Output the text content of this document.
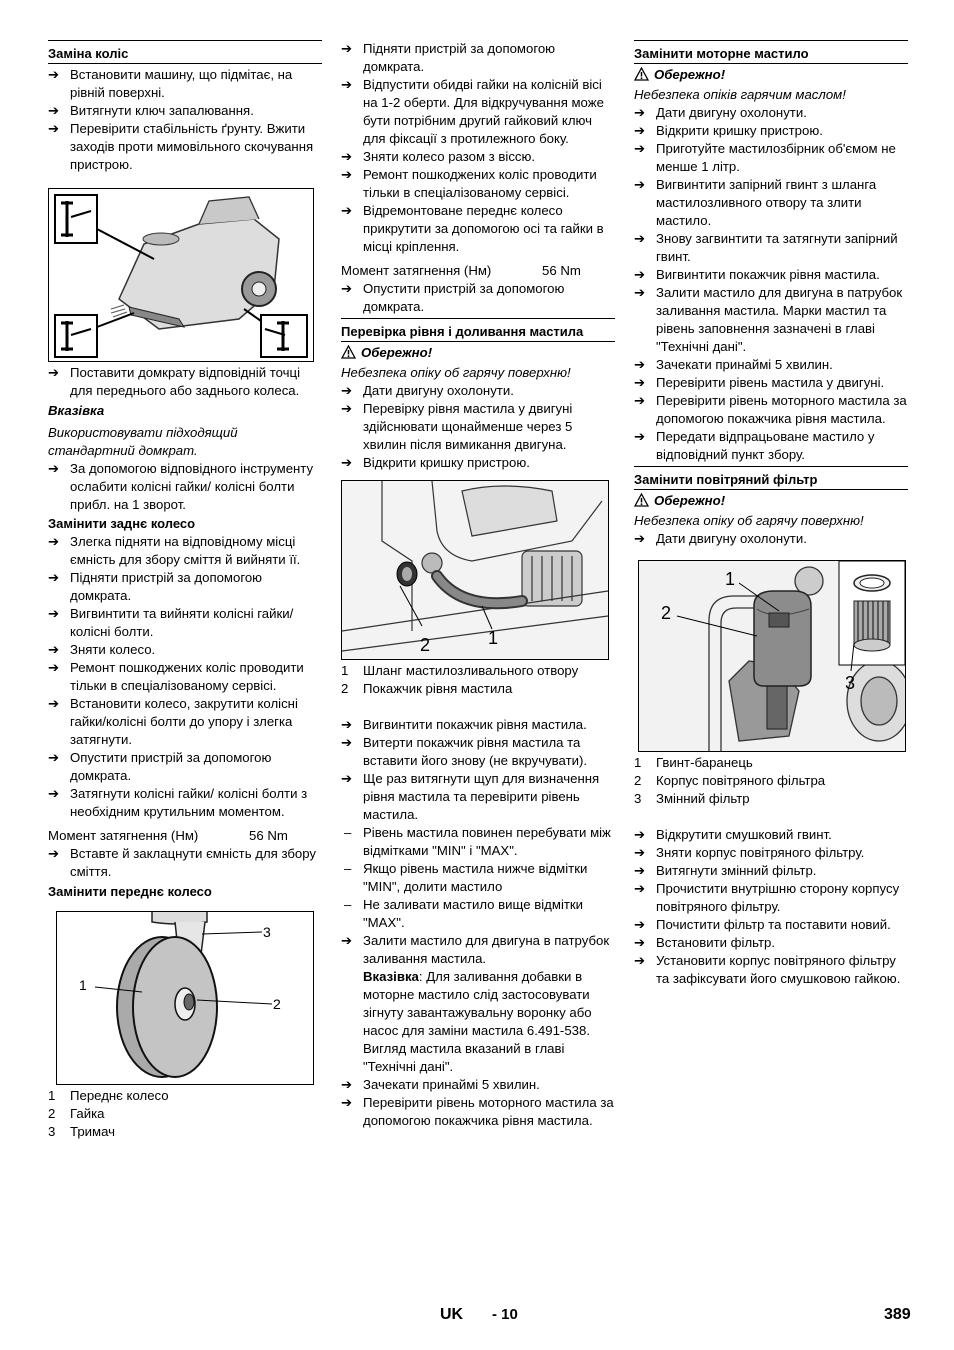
Заміна коліс
➔ Встановити машину, що підмітає, на рівній поверхні.
➔ Витягнути ключ запалювання.
➔ Перевірити стабільність ґрунту. Вжити заходів проти мимовільного скочування пристрою.
➔ Поставити домкрату відповідній точці для переднього або заднього колеса.
Вказівка
Використовувати підходящий стандартний домкрат.
➔ За допомогою відповідного інструменту ослабити колісні гайки/ колісні болти прибл. на 1 зворот.
Замінити заднє колесо
➔ Злегка підняти на відповідному місці ємність для збору сміття й вийняти її.
➔ Підняти пристрій за допомогою домкрата.
➔ Вигвинтити та вийняти колісні гайки/ колісні болти.
➔ Зняти колесо.
➔ Ремонт пошкоджених коліс проводити тільки в спеціалізованому сервісі.
➔ Встановити колесо, закрутити колісні гайки/колісні болти до упору і злегка затягнути.
➔ Опустити пристрій за допомогою домкрата.
➔ Затягнути колісні гайки/ колісні болти з необхідним крутильним моментом.
Момент затягнення (Нм)	56 Nm
➔ Вставте й заклацнути ємність для збору сміття.
Замінити переднє колесо
1
2
3
1	Переднє колесо
2	Гайка
3	Тримач
➔ Підняти пристрій за допомогою домкрата.
➔ Відпустити обидві гайки на колісній вісі на 1-2 оберти. Для відкручування може бути потрібним другий гайковий ключ для фіксації з протилежного боку.
➔ Зняти колесо разом з віссю.
➔ Ремонт пошкоджених коліс проводити тільки в спеціалізованому сервісі.
➔ Відремонтоване переднє колесо прикрутити за допомогою осі та гайки в місці кріплення.
Момент затягнення (Нм)	56 Nm
➔ Опустити пристрій за допомогою домкрата.
Перевірка рівня і доливання мастила
Обережно!
Небезпека опіку об гарячу поверхню!
➔ Дати двигуну охолонути.
➔ Перевірку рівня мастила у двигуні здійснювати щонайменше через 5 хвилин після вимикання двигуна.
➔ Відкрити кришку пристрою.
2	1
1	Шланг мастилозливального отвору
2	Покажчик рівня мастила
➔ Вигвинтити покажчик рівня мастила.
➔ Витерти покажчик рівня мастила та вставити його знову (не вкручувати).
➔ Ще раз витягнути щуп для визначення рівня мастила та перевірити рівень мастила.
– Рівень мастила повинен перебувати між відмітками "MIN" і "MAX".
– Якщо рівень мастила нижче відмітки "MIN", долити мастило
– Не заливати мастило вище відмітки "MAX".
➔ Залити мастило для двигуна в патрубок заливання мастила.
Вказівка: Для заливання добавки в моторне мастило слід застосовувати зігнуту завантажувальну воронку або насос для заміни мастила 6.491-538. Вигляд мастила вказаний в главі "Технічні дані".
➔ Зачекати принаймі 5 хвилин.
➔ Перевірити рівень моторного мастила за допомогою покажчика рівня мастила.
Замінити моторне мастило
Обережно!
Небезпека опіків гарячим маслом!
➔ Дати двигуну охолонути.
➔ Відкрити кришку пристрою.
➔ Приготуйте мастилозбірник об'ємом не менше 1 літр.
➔ Вигвинтити запірний гвинт з шланга мастилозливного отвору та злити мастило.
➔ Знову загвинтити та затягнути запірний гвинт.
➔ Вигвинтити покажчик рівня мастила.
➔ Залити мастило для двигуна в патрубок заливання мастила. Марки мастил та рівень заповнення зазначені в главі "Технічні дані".
➔ Зачекати принаймі 5 хвилин.
➔ Перевірити рівень мастила у двигуні.
➔ Перевірити рівень моторного мастила за допомогою покажчика рівня мастила.
➔ Передати відпрацьоване мастило у відповідний пункт збору.
Замінити повітряний фільтр
Обережно!
Небезпека опіку об гарячу поверхню!
➔ Дати двигуну охолонути.
1
2
3
1	Гвинт-баранець
2	Корпус повітряного фільтра
3	Змінний фільтр
➔ Відкрутити смушковий гвинт.
➔ Зняти корпус повітряного фільтру.
➔ Витягнути змінний фільтр.
➔ Прочистити внутрішню сторону корпусу повітряного фільтру.
➔ Почистити фільтр та поставити новий.
➔ Встановити фільтр.
➔ Установити корпус повітряного фільтру та зафіксувати його смушковою гайкою.
UK - 10	389
